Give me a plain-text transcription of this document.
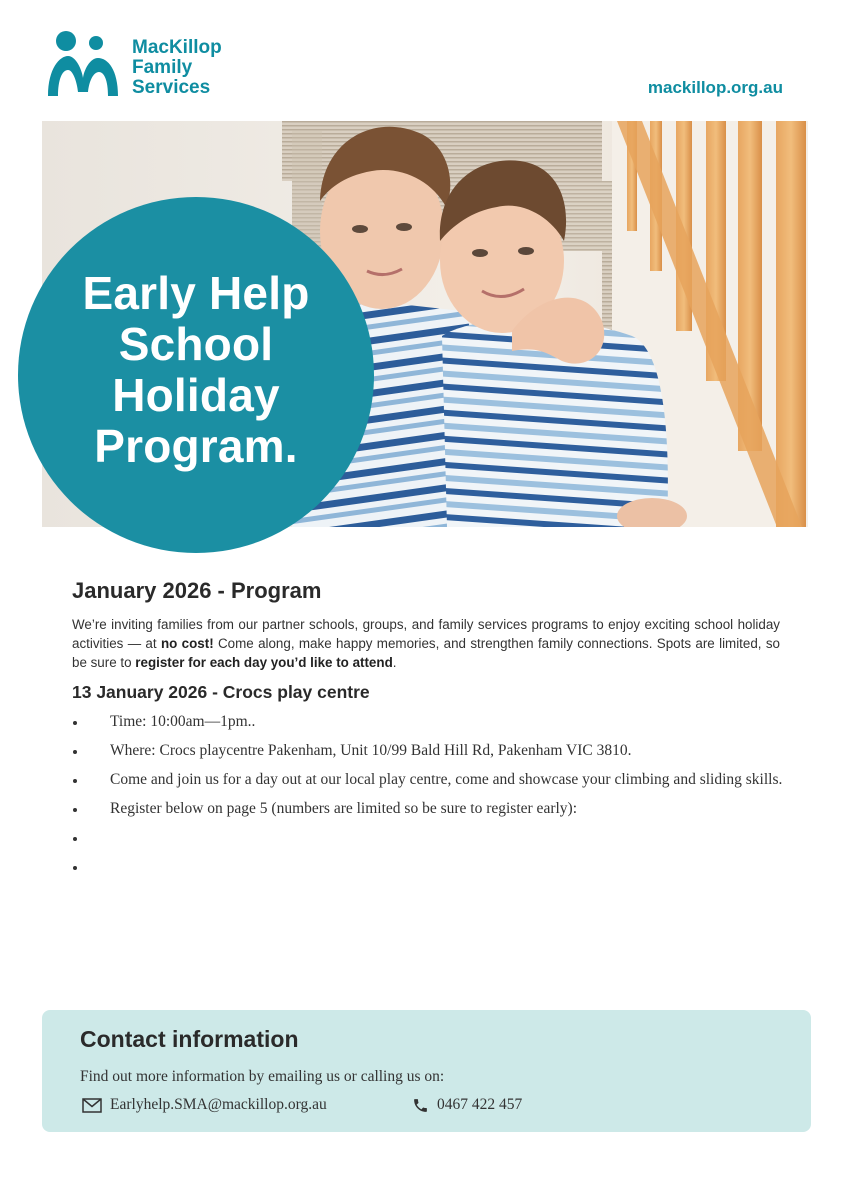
MacKillop
Family
Services	mackillop.org.au
Early Help
School
Holiday
Program.
January 2026 - Program
We’re inviting families from our partner schools, groups, and family services programs to enjoy exciting school holiday activities — at no cost! Come along, make happy memories, and strengthen family connections. Spots are limited, so be sure to register for each day you’d like to attend.
13 January 2026 - Crocs play centre
Time: 10:00am—1pm..
Where: Crocs playcentre Pakenham, Unit 10/99 Bald Hill Rd, Pakenham VIC 3810.
Come and join us for a day out at our local play centre, come and showcase your climbing and sliding skills.
Register below on page 5 (numbers are limited so be sure to register early):
Contact information
Find out more information by emailing us or calling us on:
Earlyhelp.SMA@mackillop.org.au	0467 422 457
